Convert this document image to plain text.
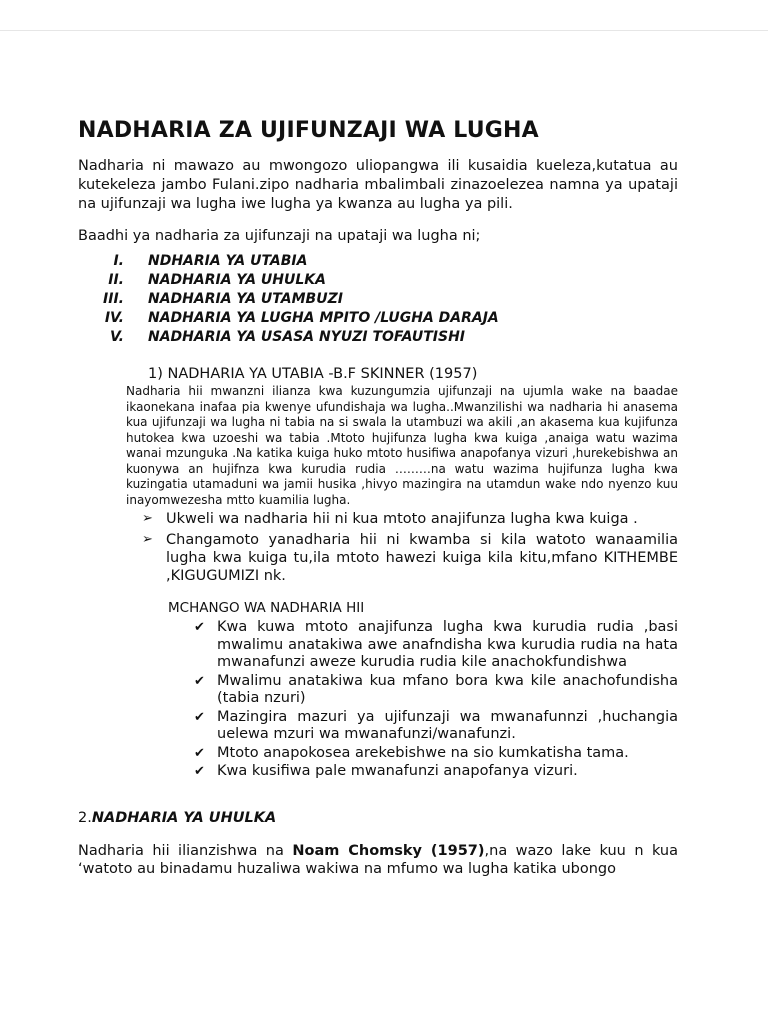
NADHARIA ZA UJIFUNZAJI WA LUGHA

Nadharia ni mawazo au mwongozo uliopangwa ili kusaidia kueleza,kutatua au kutekeleza jambo Fulani.zipo nadharia mbalimbali zinazoelezea namna ya upataji na ujifunzaji wa lugha iwe lugha ya kwanza au lugha ya pili.

Baadhi ya nadharia za ujifunzaji na upataji wa lugha ni;

I. NDHARIA YA UTABIA
II. NADHARIA YA UHULKA
III. NADHARIA YA UTAMBUZI
IV. NADHARIA YA LUGHA MPITO /LUGHA DARAJA
V. NADHARIA YA USASA NYUZI TOFAUTISHI
1) NADHARIA YA UTABIA -B.F SKINNER (1957)
Nadharia hii mwanzni ilianza kwa kuzungumzia ujifunzaji na ujumla wake na baadae ikaonekana inafaa pia kwenye ufundishaja wa lugha..Mwanzilishi wa nadharia hi anasema kua ujifunzaji wa lugha ni tabia na si swala la utambuzi wa akili ,an akasema kua kujifunza hutokea kwa uzoeshi wa tabia .Mtoto hujifunza lugha kwa kuiga ,anaiga watu wazima wanai mzunguka .Na katika kuiga huko mtoto husifiwa anapofanya vizuri ,hurekebishwa an kuonywa an hujifnza kwa kurudia rudia ………na watu wazima hujifunza lugha kwa kuzingatia utamaduni wa jamii husika ,hivyo mazingira na utamdun wake ndo nyenzo kuu inayomwezesha mtto kuamilia lugha.
➢ Ukweli wa nadharia hii ni kua mtoto anajifunza lugha kwa kuiga .
➢ Changamoto yanadharia hii ni kwamba si kila watoto wanaamilia lugha kwa kuiga tu,ila mtoto hawezi kuiga kila kitu,mfano KITHEMBE ,KIGUGUMIZI nk.
MCHANGO WA NADHARIA HII
✔ Kwa kuwa mtoto anajifunza lugha kwa kurudia rudia ,basi mwalimu anatakiwa awe anafndisha kwa kurudia rudia na hata mwanafunzi aweze kurudia rudia kile anachokfundishwa
✔ Mwalimu anatakiwa kua mfano bora kwa kile anachofundisha (tabia nzuri)
✔ Mazingira mazuri ya ujifunzaji wa mwanafunnzi ,huchangia uelewa mzuri wa mwanafunzi/wanafunzi.
✔ Mtoto anapokosea arekebishwe na sio kumkatisha tama.
✔ Kwa kusifiwa pale mwanafunzi anapofanya vizuri.
2.NADHARIA YA UHULKA
Nadharia hii ilianzishwa na Noam Chomsky (1957),na wazo lake kuu n kua ‘watoto au binadamu huzaliwa wakiwa na mfumo wa lugha katika ubongo
